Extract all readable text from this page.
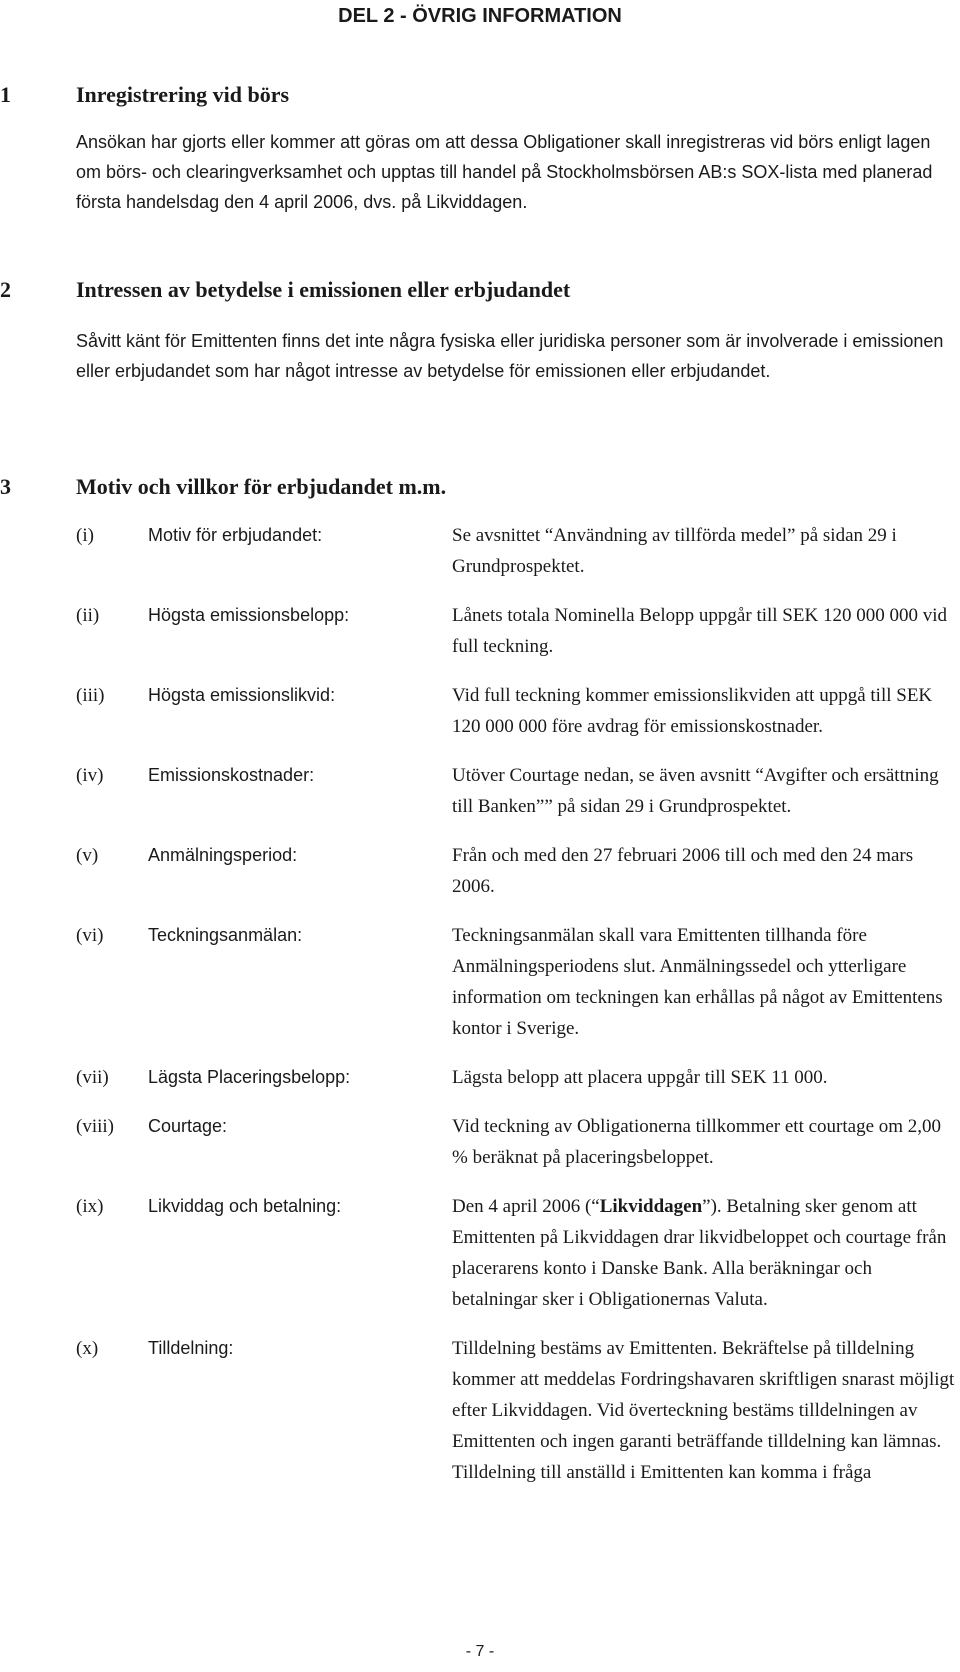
DEL 2 - ÖVRIG INFORMATION
1	Inregistrering vid börs

Ansökan har gjorts eller kommer att göras om att dessa Obligationer skall inregistreras vid börs enligt lagen om börs- och clearingverksamhet och upptas till handel på Stockholmsbörsen AB:s SOX-lista med planerad första handelsdag den 4 april 2006, dvs. på Likviddagen.

2	Intressen av betydelse i emissionen eller erbjudandet

Såvitt känt för Emittenten finns det inte några fysiska eller juridiska personer som är involverade i emissionen eller erbjudandet som har något intresse av betydelse för emissionen eller erbjudandet.

3	Motiv och villkor för erbjudandet m.m.
(i)	Motiv för erbjudandet:	Se avsnittet “Användning av tillförda medel” på sidan 29 i Grundprospektet.
(ii)	Högsta emissionsbelopp:	Lånets totala Nominella Belopp uppgår till SEK 120 000 000 vid full teckning.
(iii) Högsta emissionslikvid:	Vid full teckning kommer emissionslikviden att uppgå till SEK 120 000 000 före avdrag för emissionskostnader.
(iv) Emissionskostnader:	Utöver Courtage nedan, se även avsnitt “Avgifter och ersättning till Banken”” på sidan 29 i Grundprospektet.
(v)	Anmälningsperiod:	Från och med den 27 februari 2006 till och med den 24 mars 2006.
(vi) Teckningsanmälan:	Teckningsanmälan skall vara Emittenten tillhanda före Anmälningsperiodens slut. Anmälningssedel och ytterligare information om teckningen kan erhållas på något av Emittentens kontor i Sverige.
(vii) Lägsta Placeringsbelopp:	Lägsta belopp att placera uppgår till SEK 11 000.
(viii) Courtage:	Vid teckning av Obligationerna tillkommer ett courtage om 2,00 % beräknat på placeringsbeloppet.
(ix) Likviddag och betalning:	Den 4 april 2006 (“Likviddagen”). Betalning sker genom att Emittenten på Likviddagen drar likvidbeloppet och courtage från placerarens konto i Danske Bank. Alla beräkningar och betalningar sker i Obligationernas Valuta.
(x)	Tilldelning:	Tilldelning bestäms av Emittenten. Bekräftelse på tilldelning kommer att meddelas Fordringshavaren skriftligen snarast möjligt efter Likviddagen. Vid överteckning bestäms tilldelningen av Emittenten och ingen garanti beträffande tilldelning kan lämnas. Tilldelning till anställd i Emittenten kan komma i fråga

- 7 -
